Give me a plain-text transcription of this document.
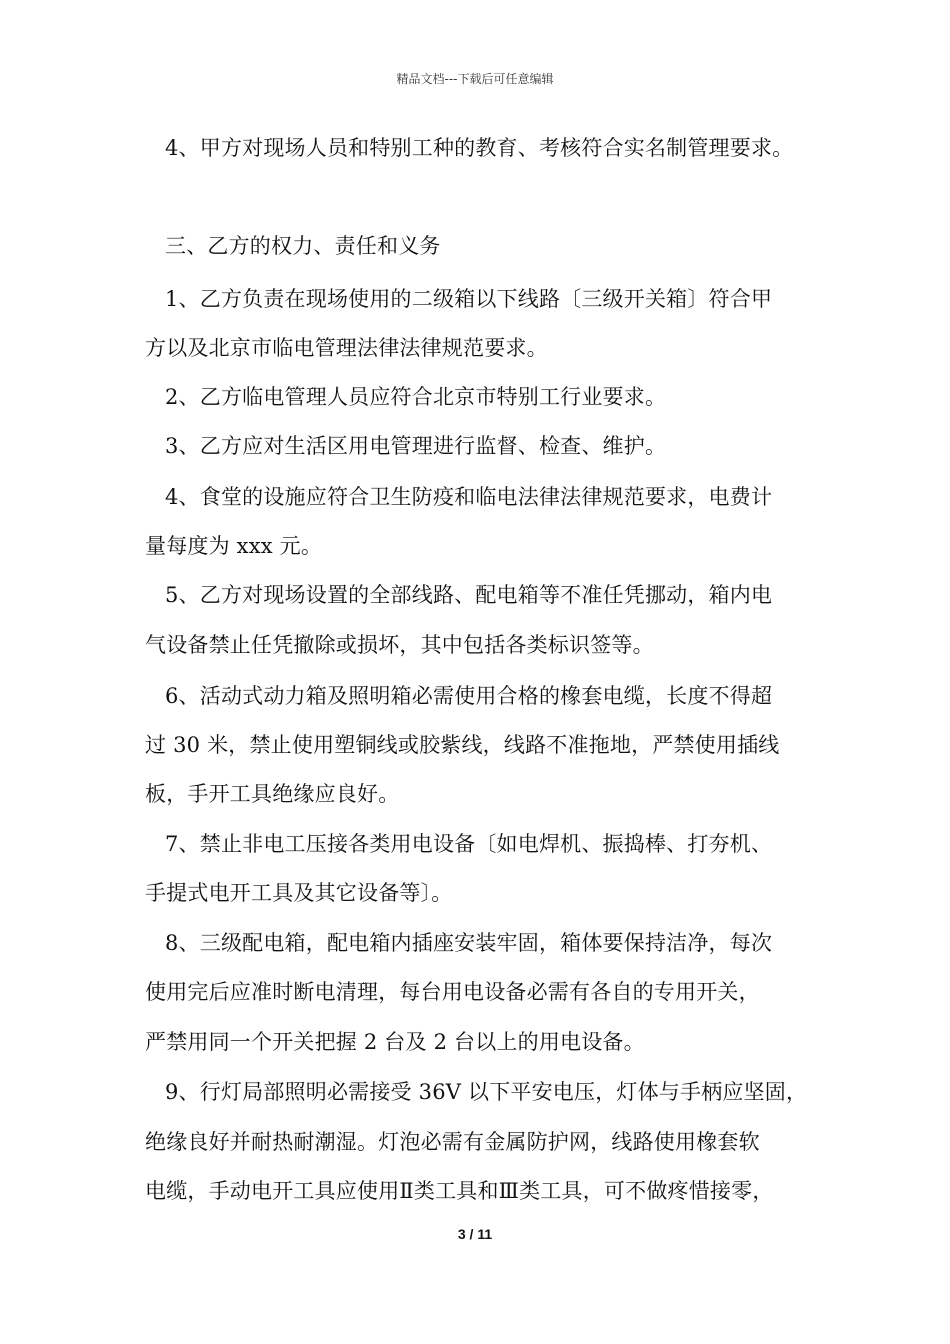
精品文档---下载后可任意编辑
4、甲方对现场人员和特别工种的教育、考核符合实名制管理要求。
三、乙方的权力、责任和义务
1、乙方负责在现场使用的二级箱以下线路〔三级开关箱〕符合甲
方以及北京市临电管理法律法律规范要求。
2、乙方临电管理人员应符合北京市特别工行业要求。
3、乙方应对生活区用电管理进行监督、检查、维护。
4、食堂的设施应符合卫生防疫和临电法律法律规范要求，电费计
量每度为 xxx 元。
5、乙方对现场设置的全部线路、配电箱等不准任凭挪动，箱内电
气设备禁止任凭撤除或损坏，其中包括各类标识签等。
6、活动式动力箱及照明箱必需使用合格的橡套电缆，长度不得超
过 30 米，禁止使用塑铜线或胶紫线，线路不准拖地，严禁使用插线
板，手开工具绝缘应良好。
7、禁止非电工压接各类用电设备〔如电焊机、振捣棒、打夯机、
手提式电开工具及其它设备等〕。
8、三级配电箱，配电箱内插座安装牢固，箱体要保持洁净，每次
使用完后应准时断电清理，每台用电设备必需有各自的专用开关，
严禁用同一个开关把握 2 台及 2 台以上的用电设备。
9、行灯局部照明必需接受 36V 以下平安电压，灯体与手柄应坚固，
绝缘良好并耐热耐潮湿。灯泡必需有金属防护网，线路使用橡套软
电缆，手动电开工具应使用Ⅱ类工具和Ⅲ类工具，可不做疼惜接零，
3 / 11
